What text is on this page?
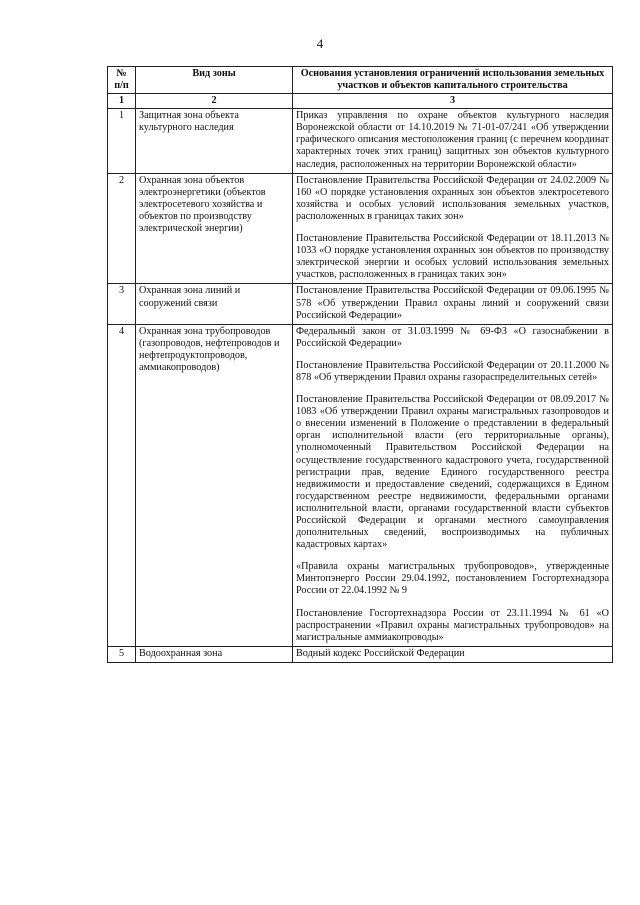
4
№ п/п	Вид зоны	Основания установления ограничений использования земельных участков и объектов капитального строительства
1	2	3
1	Защитная зона объекта культурного наследия	Приказ управления по охране объектов культурного наследия Воронежской области от 14.10.2019 № 71-01-07/241 «Об утверждении графического описания местоположения границ (с перечнем координат характерных точек этих границ) защитных зон объектов культурного наследия, расположенных на территории Воронежской области»

2	Охранная зона объектов электроэнергетики (объектов электросетевого хозяйства и объектов по производству электрической энергии)	Постановление Правительства Российской Федерации от 24.02.2009 № 160 «О порядке установления охранных зон объектов электросетевого хозяйства и особых условий использования земельных участков, расположенных в границах таких зон»

Постановление Правительства Российской Федерации от 18.11.2013 № 1033 «О порядке установления охранных зон объектов по производству электрической энергии и особых условий использования земельных участков, расположенных в границах таких зон»

3	Охранная зона линий и сооружений связи	Постановление Правительства Российской Федерации от 09.06.1995 № 578 «Об утверждении Правил охраны линий и сооружений связи Российской Федерации»

4	Охранная зона трубопроводов (газопроводов, нефтепроводов и нефтепродуктопроводов, аммиакопроводов)	Федеральный закон от 31.03.1999 № 69-ФЗ «О газоснабжении в Российской Федерации»

Постановление Правительства Российской Федерации от 20.11.2000 № 878 «Об утверждении Правил охраны газораспределительных сетей»

Постановление Правительства Российской Федерации от 08.09.2017 № 1083 «Об утверждении Правил охраны магистральных газопроводов и о внесении изменений в Положение о представлении в федеральный орган исполнительной власти (его территориальные органы), уполномоченный Правительством Российской Федерации на осуществление государственного кадастрового учета, государственной регистрации прав, ведение Единого государственного реестра недвижимости и предоставление сведений, содержащихся в Едином государственном реестре недвижимости, федеральными органами исполнительной власти, органами государственной власти субъектов Российской Федерации и органами местного самоуправления дополнительных сведений, воспроизводимых на публичных кадастровых картах»

«Правила охраны магистральных трубопроводов», утвержденные Минтопэнерго России 29.04.1992, постановлением Госгортехнадзора России от 22.04.1992 № 9

Постановление Госгортехнадзора России от 23.11.1994 № 61 «О распространении «Правил охраны магистральных трубопроводов» на магистральные аммиакопроводы»

5	Водоохранная зона	Водный кодекс Российской Федерации
